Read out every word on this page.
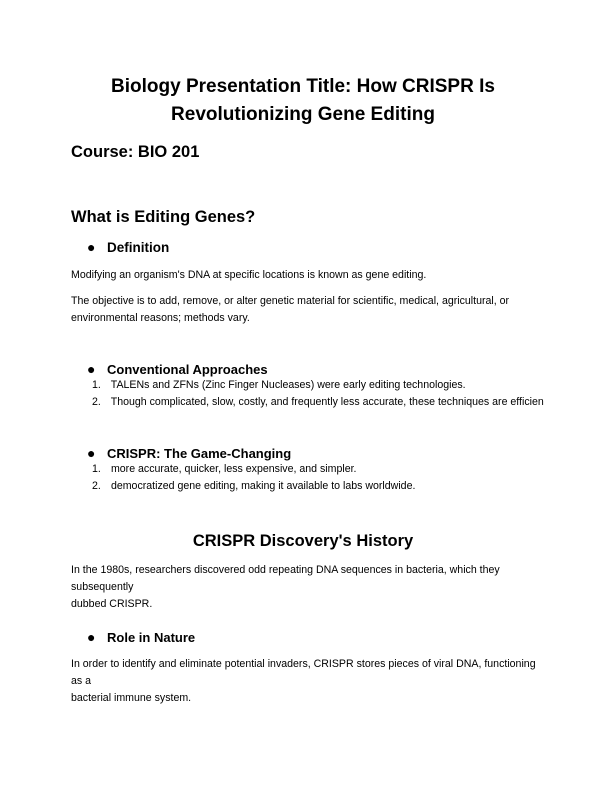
Biology Presentation Title: How CRISPR Is
Revolutionizing Gene Editing
Course: BIO 201
What is Editing Genes?
● Definition
Modifying an organism's DNA at specific locations is known as gene editing.
The objective is to add, remove, or alter genetic material for scientific, medical, agricultural, or
environmental reasons; methods vary.
● Conventional Approaches
1. TALENs and ZFNs (Zinc Finger Nucleases) were early editing technologies.
2. Though complicated, slow, costly, and frequently less accurate, these techniques are efficien
● CRISPR: The Game-Changing
1. more accurate, quicker, less expensive, and simpler.
2. democratized gene editing, making it available to labs worldwide.
CRISPR Discovery's History
In the 1980s, researchers discovered odd repeating DNA sequences in bacteria, which they subsequently
dubbed CRISPR.
● Role in Nature
In order to identify and eliminate potential invaders, CRISPR stores pieces of viral DNA, functioning as a
bacterial immune system.
